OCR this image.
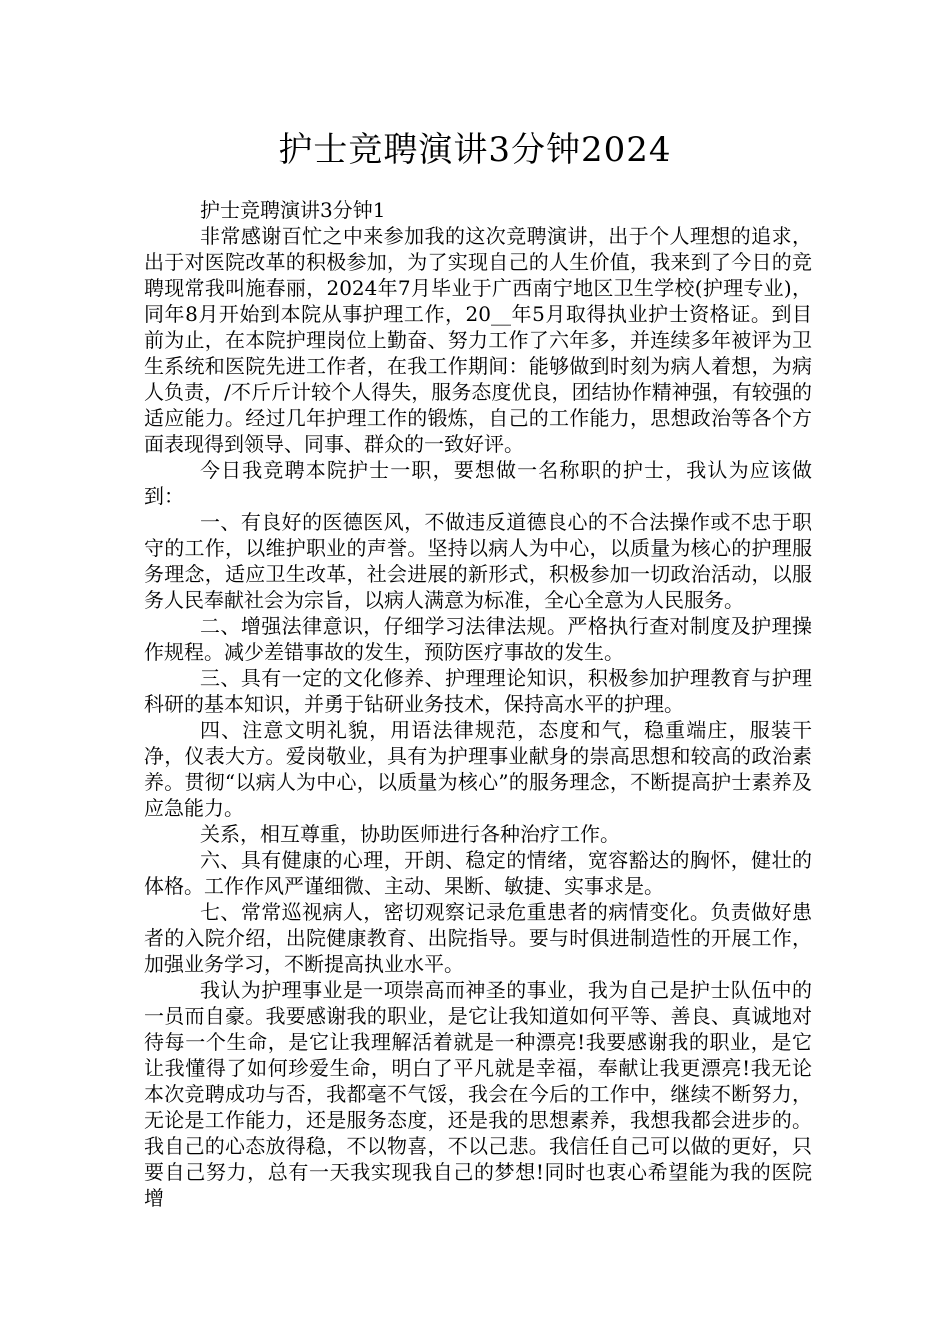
护士竞聘演讲3分钟2024

护士竞聘演讲3分钟1

非常感谢百忙之中来参加我的这次竞聘演讲，出于个人理想的追求，出于对医院改革的积极参加，为了实现自己的人生价值，我来到了今日的竞聘现常我叫施春丽，2024年7月毕业于广西南宁地区卫生学校(护理专业)，同年8月开始到本院从事护理工作，20__年5月取得执业护士资格证。到目前为止，在本院护理岗位上勤奋、努力工作了六年多，并连续多年被评为卫生系统和医院先进工作者，在我工作期间：能够做到时刻为病人着想，为病人负责，/不斤斤计较个人得失，服务态度优良，团结协作精神强，有较强的适应能力。经过几年护理工作的锻炼，自己的工作能力，思想政治等各个方面表现得到领导、同事、群众的一致好评。

今日我竞聘本院护士一职，要想做一名称职的护士，我认为应该做到：

一、有良好的医德医风，不做违反道德良心的不合法操作或不忠于职守的工作，以维护职业的声誉。坚持以病人为中心，以质量为核心的护理服务理念，适应卫生改革，社会进展的新形式，积极参加一切政治活动，以服务人民奉献社会为宗旨，以病人满意为标准，全心全意为人民服务。

二、增强法律意识，仔细学习法律法规。严格执行查对制度及护理操作规程。减少差错事故的发生，预防医疗事故的发生。

三、具有一定的文化修养、护理理论知识，积极参加护理教育与护理科研的基本知识，并勇于钻研业务技术，保持高水平的护理。

四、注意文明礼貌，用语法律规范，态度和气，稳重端庄，服装干净，仪表大方。爱岗敬业，具有为护理事业献身的崇高思想和较高的政治素养。贯彻“以病人为中心，以质量为核心”的服务理念，不断提高护士素养及应急能力。

关系，相互尊重，协助医师进行各种治疗工作。

六、具有健康的心理，开朗、稳定的情绪，宽容豁达的胸怀，健壮的体格。工作作风严谨细微、主动、果断、敏捷、实事求是。

七、常常巡视病人，密切观察记录危重患者的病情变化。负责做好患者的入院介绍，出院健康教育、出院指导。要与时俱进制造性的开展工作，加强业务学习，不断提高执业水平。

我认为护理事业是一项崇高而神圣的事业，我为自己是护士队伍中的一员而自豪。我要感谢我的职业，是它让我知道如何平等、善良、真诚地对待每一个生命，是它让我理解活着就是一种漂亮!我要感谢我的职业，是它让我懂得了如何珍爱生命，明白了平凡就是幸福，奉献让我更漂亮!我无论本次竞聘成功与否，我都毫不气馁，我会在今后的工作中，继续不断努力，无论是工作能力，还是服务态度，还是我的思想素养，我想我都会进步的。我自己的心态放得稳，不以物喜，不以己悲。我信任自己可以做的更好，只要自己努力，总有一天我实现我自己的梦想!同时也衷心希望能为我的医院增
